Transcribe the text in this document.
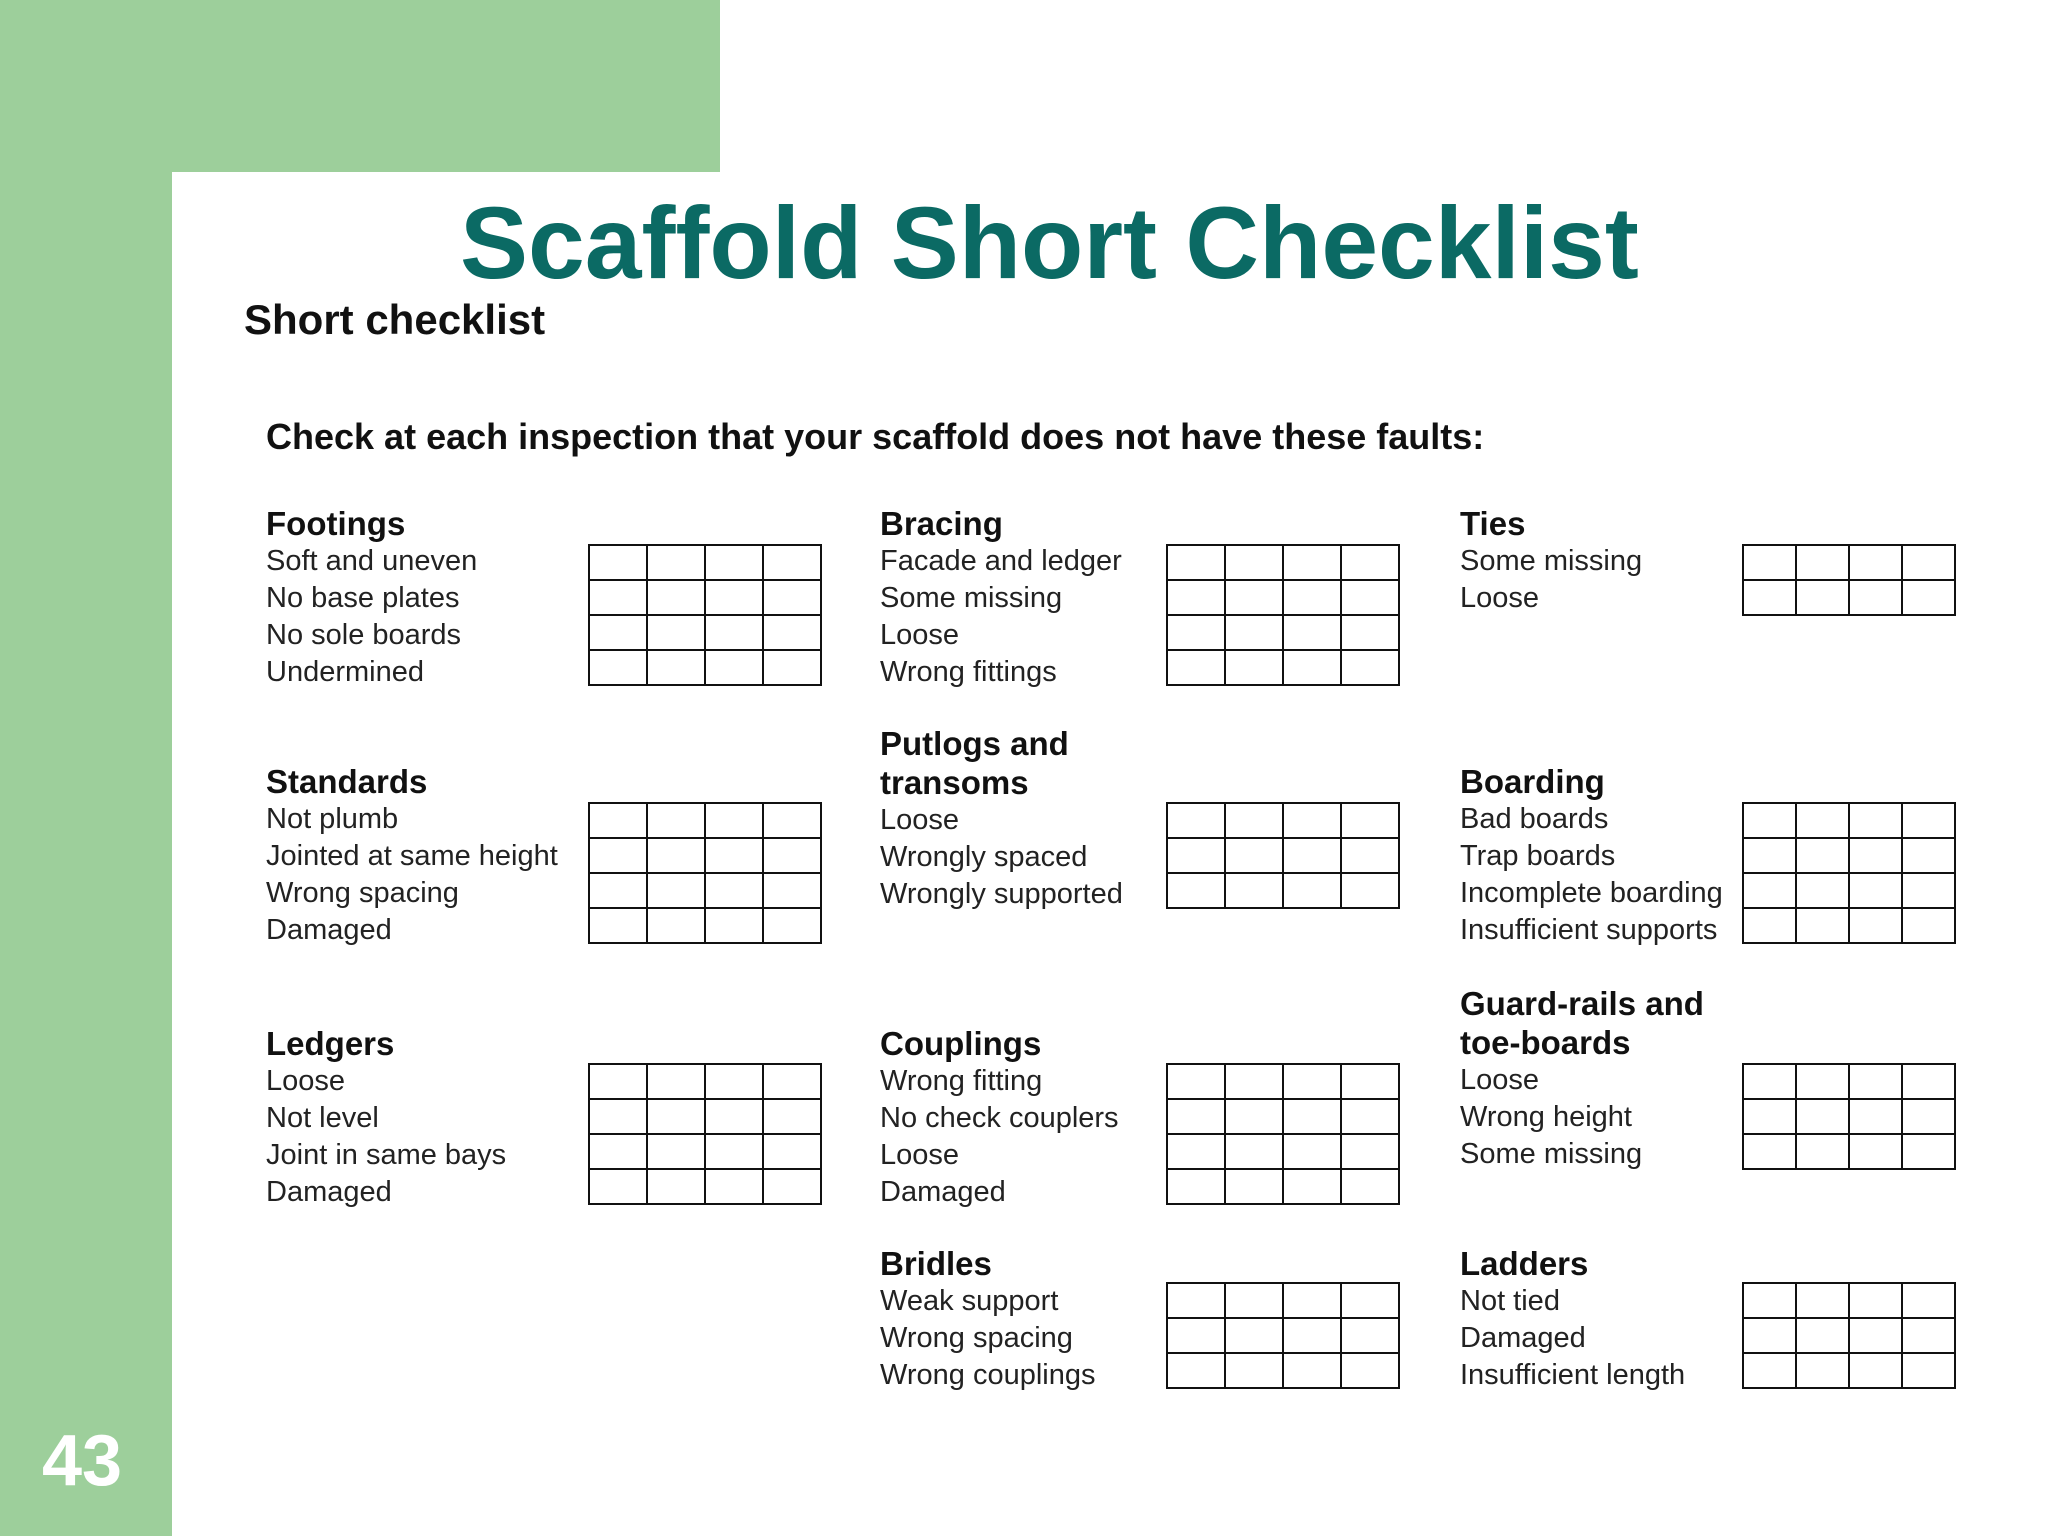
43
Scaffold Short Checklist
Short checklist
Check at each inspection that your scaffold does not have these faults:
Footings
Soft and uneven
No base plates
No sole boards
Undermined

Standards
Not plumb
Jointed at same height
Wrong spacing
Damaged

Ledgers
Loose
Not level
Joint in same bays
Damaged

Bracing
Facade and ledger
Some missing
Loose
Wrong fittings

Putlogs and
transoms
Loose
Wrongly spaced
Wrongly supported

Couplings
Wrong fitting
No check couplers
Loose
Damaged

Bridles
Weak support
Wrong spacing
Wrong couplings

Ties
Some missing
Loose

Boarding
Bad boards
Trap boards
Incomplete boarding
Insufficient supports

Guard-rails and
toe-boards
Loose
Wrong height
Some missing

Ladders
Not tied
Damaged
Insufficient length
